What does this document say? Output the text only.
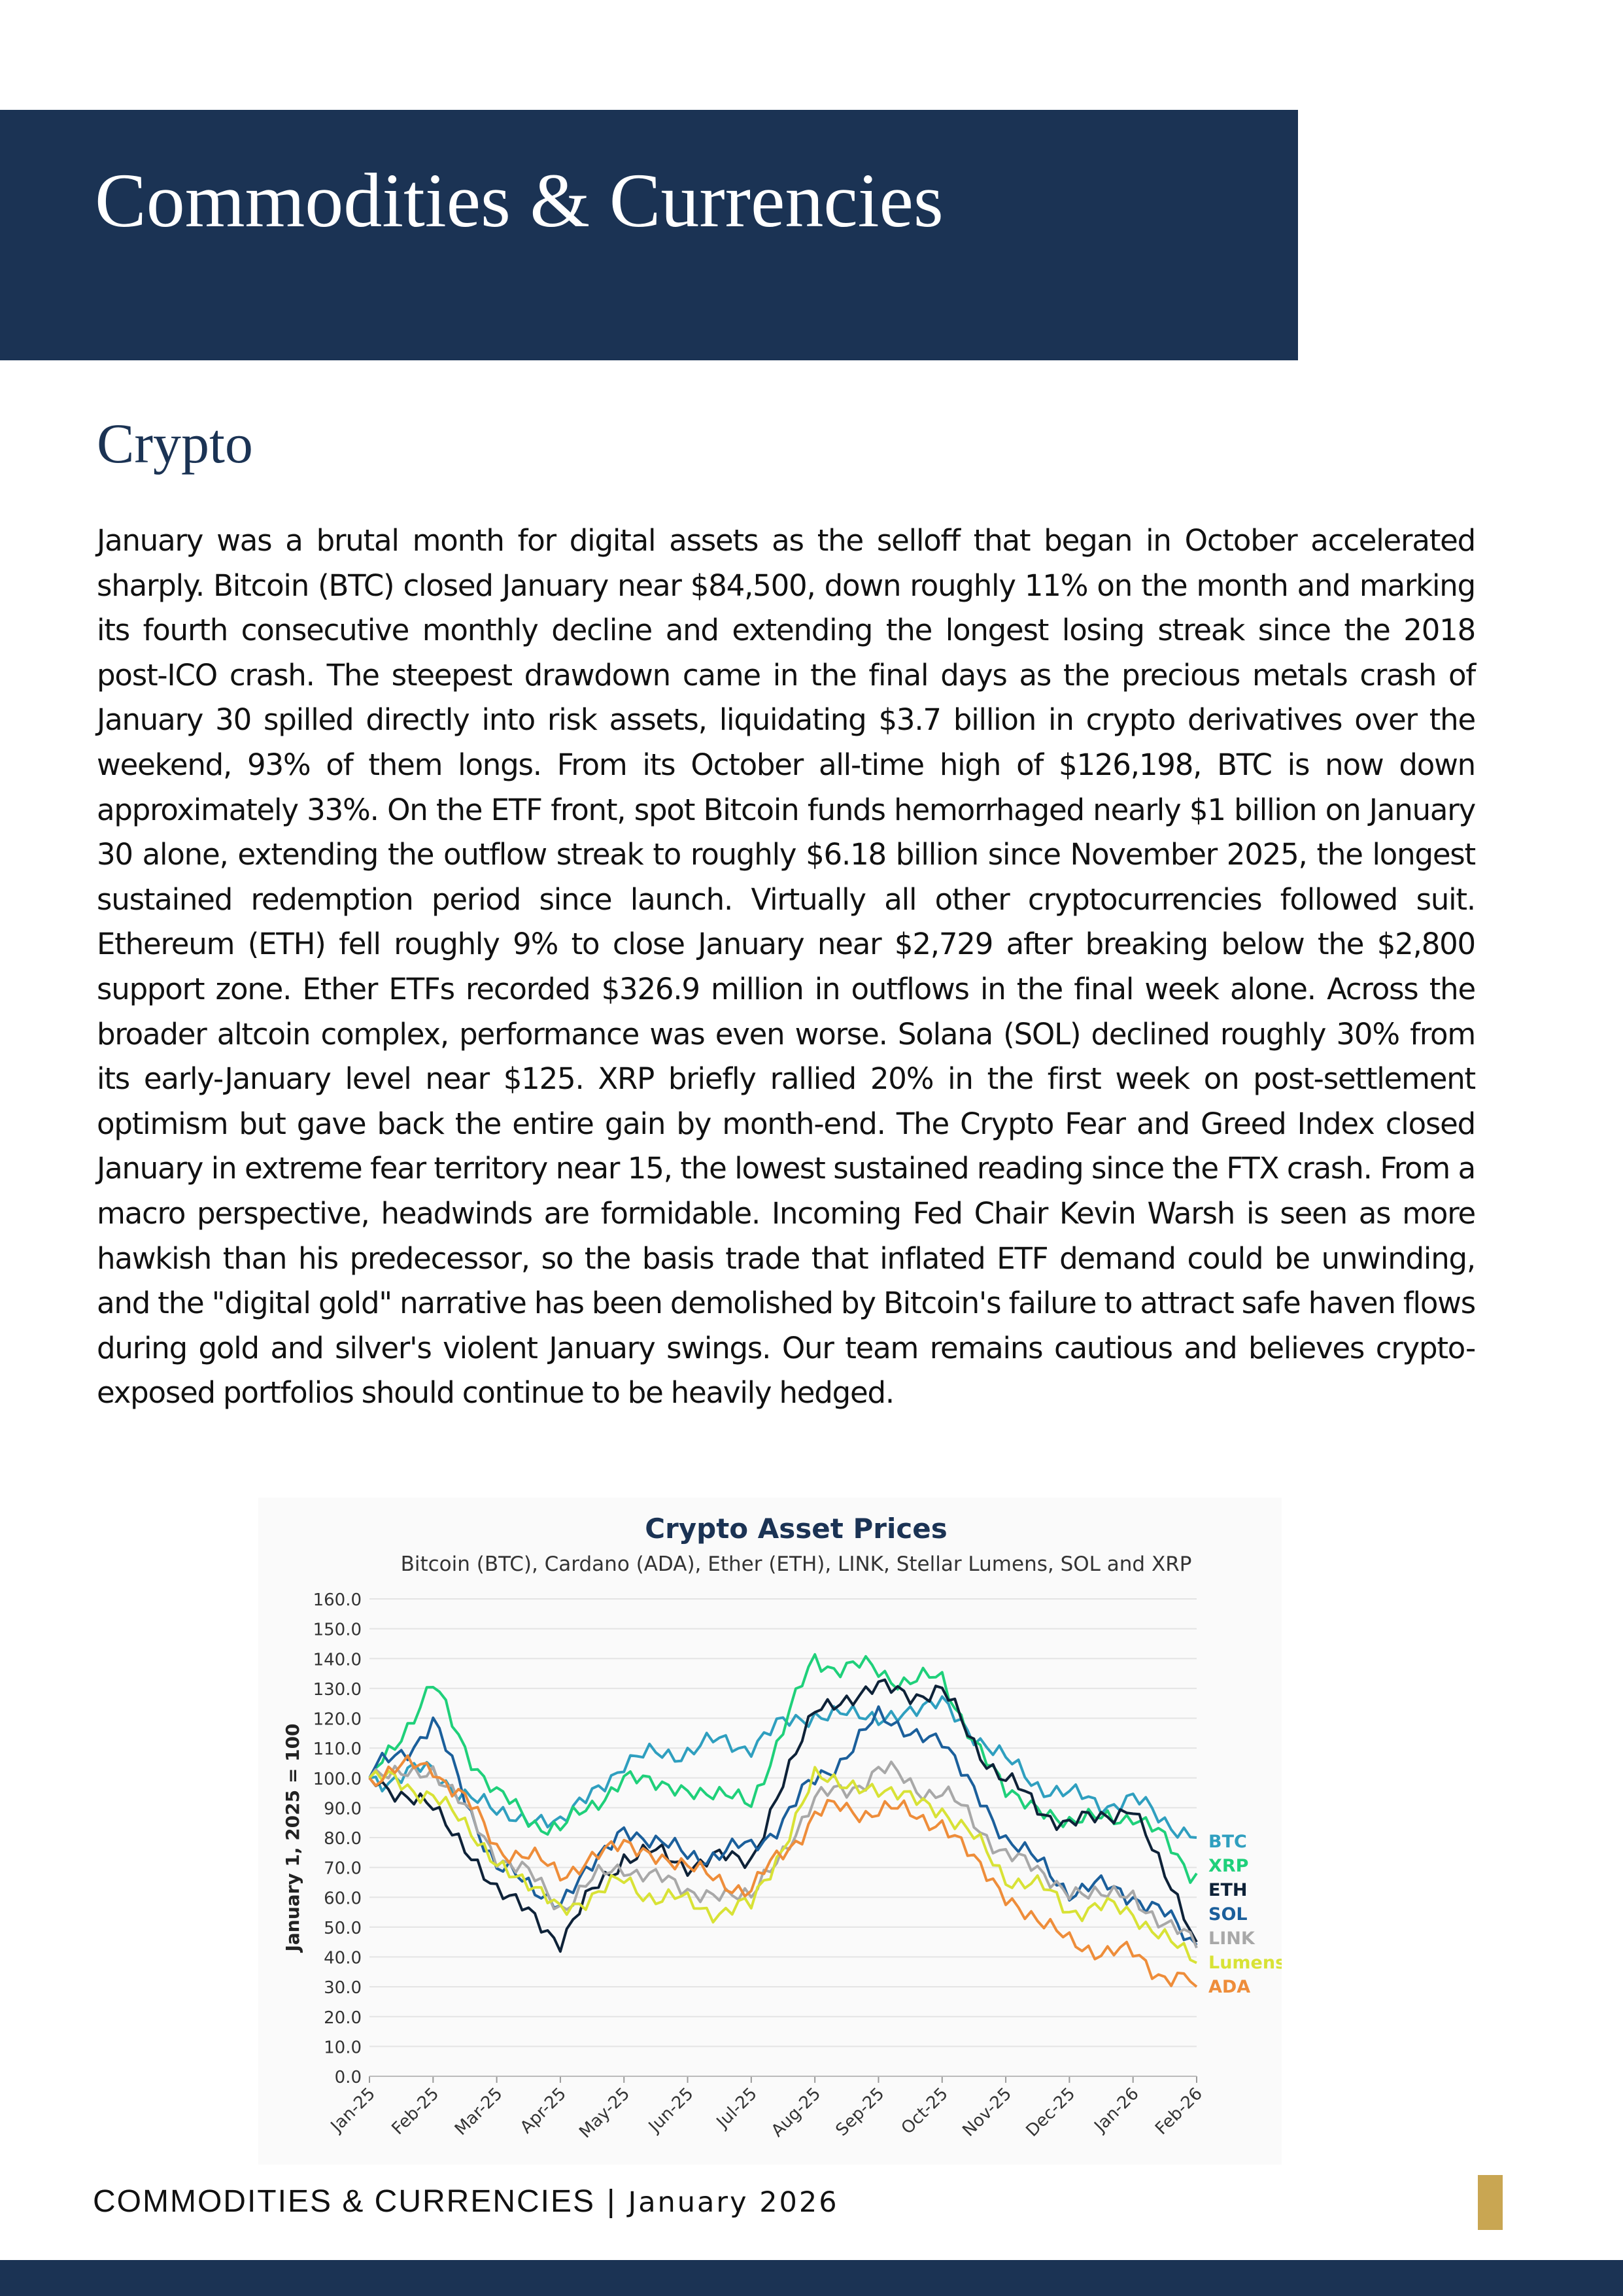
Commodities & Currencies
Crypto
January was a brutal month for digital assets as the selloff that began in October accelerated sharply. Bitcoin (BTC) closed January near $84,500, down roughly 11% on the month and marking its fourth consecutive monthly decline and extending the longest losing streak since the 2018 post-ICO crash. The steepest drawdown came in the final days as the precious metals crash of January 30 spilled directly into risk assets, liquidating $3.7 billion in crypto derivatives over the weekend, 93% of them longs. From its October all-time high of $126,198, BTC is now down approximately 33%. On the ETF front, spot Bitcoin funds hemorrhaged nearly $1 billion on January 30 alone, extending the outflow streak to roughly $6.18 billion since November 2025, the longest sustained redemption period since launch. Virtually all other cryptocurrencies followed suit. Ethereum (ETH) fell roughly 9% to close January near $2,729 after breaking below the $2,800 support zone. Ether ETFs recorded $326.9 million in outflows in the final week alone. Across the broader altcoin complex, performance was even worse. Solana (SOL) declined roughly 30% from its early-January level near $125. XRP briefly rallied 20% in the first week on post-settlement optimism but gave back the entire gain by month-end. The Crypto Fear and Greed Index closed January in extreme fear territory near 15, the lowest sustained reading since the FTX crash. From a macro perspective, headwinds are formidable. Incoming Fed Chair Kevin Warsh is seen as more hawkish than his predecessor, so the basis trade that inflated ETF demand could be unwinding, and the "digital gold" narrative has been demolished by Bitcoin's failure to attract safe haven flows during gold and silver's violent January swings. Our team remains cautious and believes crypto-exposed portfolios should continue to be heavily hedged.
Crypto Asset Prices
Bitcoin (BTC), Cardano (ADA), Ether (ETH), LINK, Stellar Lumens, SOL and XRP
0.0
10.0
20.0
30.0
40.0
50.0
60.0
70.0
80.0
90.0
100.0
110.0
120.0
130.0
140.0
150.0
160.0
January 1, 2025 = 100
Jan-25 Feb-25 Mar-25 Apr-25 May-25 Jun-25 Jul-25 Aug-25 Sep-25 Oct-25 Nov-25 Dec-25 Jan-26 Feb-26
BTC
XRP
ETH
SOL
LINK
Lumens
ADA
COMMODITIES & CURRENCIES | January 2026
